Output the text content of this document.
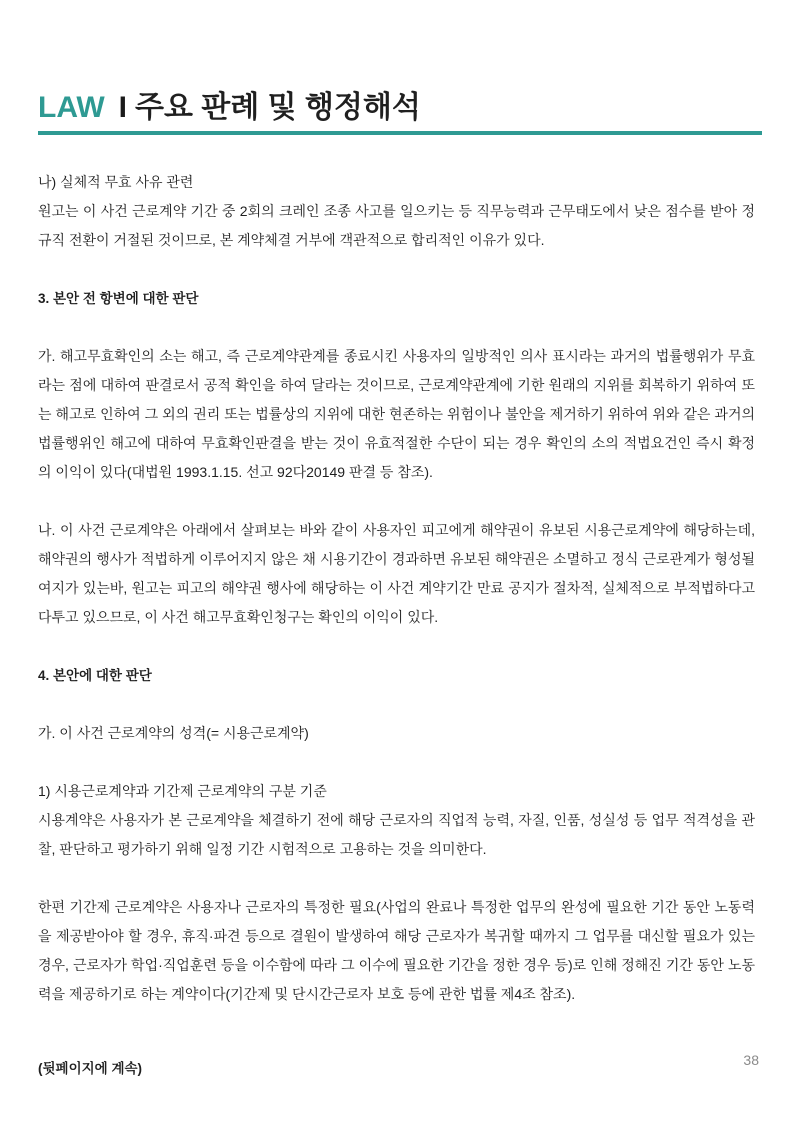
LAW I 주요 판례 및 행정해석

나) 실체적 무효 사유 관련

원고는 이 사건 근로계약 기간 중 2회의 크레인 조종 사고를 일으키는 등 직무능력과 근무태도에서 낮은 점수를 받아 정규직 전환이 거절된 것이므로, 본 계약체결 거부에 객관적으로 합리적인 이유가 있다.

3. 본안 전 항변에 대한 판단

가. 해고무효확인의 소는 해고, 즉 근로계약관계를 종료시킨 사용자의 일방적인 의사 표시라는 과거의 법률행위가 무효라는 점에 대하여 판결로서 공적 확인을 하여 달라는 것이므로, 근로계약관계에 기한 원래의 지위를 회복하기 위하여 또는 해고로 인하여 그 외의 권리 또는 법률상의 지위에 대한 현존하는 위험이나 불안을 제거하기 위하여 위와 같은 과거의 법률행위인 해고에 대하여 무효확인판결을 받는 것이 유효적절한 수단이 되는 경우 확인의 소의 적법요건인 즉시 확정의 이익이 있다(대법원 1993.1.15. 선고 92다20149 판결 등 참조).

나. 이 사건 근로계약은 아래에서 살펴보는 바와 같이 사용자인 피고에게 해약권이 유보된 시용근로계약에 해당하는데, 해약권의 행사가 적법하게 이루어지지 않은 채 시용기간이 경과하면 유보된 해약권은 소멸하고 정식 근로관계가 형성될 여지가 있는바, 원고는 피고의 해약권 행사에 해당하는 이 사건 계약기간 만료 공지가 절차적, 실체적으로 부적법하다고 다투고 있으므로, 이 사건 해고무효확인청구는 확인의 이익이 있다.

4. 본안에 대한 판단

가. 이 사건 근로계약의 성격(= 시용근로계약)

1) 시용근로계약과 기간제 근로계약의 구분 기준

시용계약은 사용자가 본 근로계약을 체결하기 전에 해당 근로자의 직업적 능력, 자질, 인품, 성실성 등 업무 적격성을 관찰, 판단하고 평가하기 위해 일정 기간 시험적으로 고용하는 것을 의미한다.

한편 기간제 근로계약은 사용자나 근로자의 특정한 필요(사업의 완료나 특정한 업무의 완성에 필요한 기간 동안 노동력을 제공받아야 할 경우, 휴직·파견 등으로 결원이 발생하여 해당 근로자가 복귀할 때까지 그 업무를 대신할 필요가 있는 경우, 근로자가 학업·직업훈련 등을 이수함에 따라 그 이수에 필요한 기간을 정한 경우 등)로 인해 정해진 기간 동안 노동력을 제공하기로 하는 계약이다(기간제 및 단시간근로자 보호 등에 관한 법률 제4조 참조).

(뒷페이지에 계속)

38
